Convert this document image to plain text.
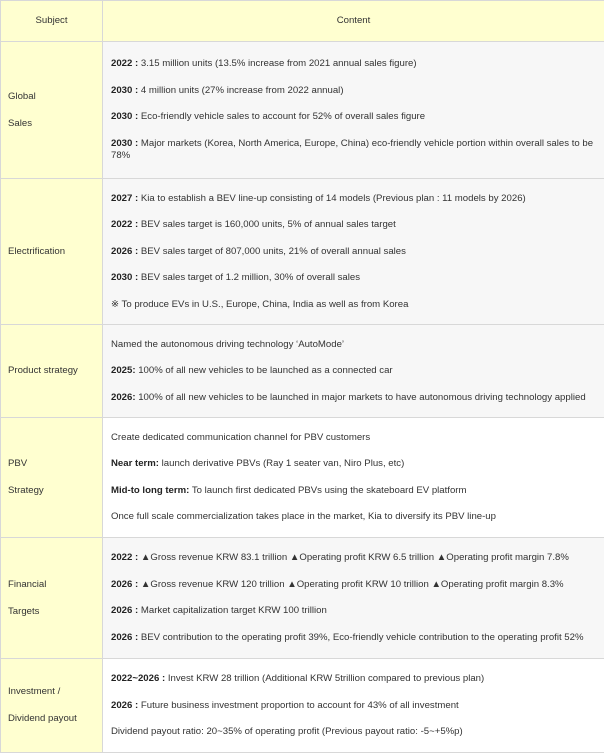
Subject	Content

Global
Sales	2022 : 3.15 million units (13.5% increase from 2021 annual sales figure)
2030 : 4 million units (27% increase from 2022 annual)
2030 : Eco-friendly vehicle sales to account for 52% of overall sales figure
2030 : Major markets (Korea, North America, Europe, China) eco-friendly vehicle portion within overall sales to be 78%

Electrification	2027 : Kia to establish a BEV line-up consisting of 14 models (Previous plan : 11 models by 2026)
2022 : BEV sales target is 160,000 units, 5% of annual sales target
2026 : BEV sales target of 807,000 units, 21% of overall annual sales
2030 : BEV sales target of 1.2 million, 30% of overall sales
※ To produce EVs in U.S., Europe, China, India as well as from Korea

Product strategy	Named the autonomous driving technology ‘AutoMode’
2025: 100% of all new vehicles to be launched as a connected car
2026: 100% of all new vehicles to be launched in major markets to have autonomous driving technology applied

PBV
Strategy	Create dedicated communication channel for PBV customers
Near term: launch derivative PBVs (Ray 1 seater van, Niro Plus, etc)
Mid-to long term: To launch first dedicated PBVs using the skateboard EV platform
Once full scale commercialization takes place in the market, Kia to diversify its PBV line-up

Financial
Targets	2022 : ▲Gross revenue KRW 83.1 trillion ▲Operating profit KRW 6.5 trillion ▲Operating profit margin 7.8%
2026 : ▲Gross revenue KRW 120 trillion ▲Operating profit KRW 10 trillion ▲Operating profit margin 8.3%
2026 : Market capitalization target KRW 100 trillion
2026 : BEV contribution to the operating profit 39%, Eco-friendly vehicle contribution to the operating profit 52%

Investment /
Dividend payout	2022~2026 : Invest KRW 28 trillion (Additional KRW 5trillion compared to previous plan)
2026 : Future business investment proportion to account for 43% of all investment
Dividend payout ratio: 20~35% of operating profit (Previous payout ratio: -5~+5%p)
